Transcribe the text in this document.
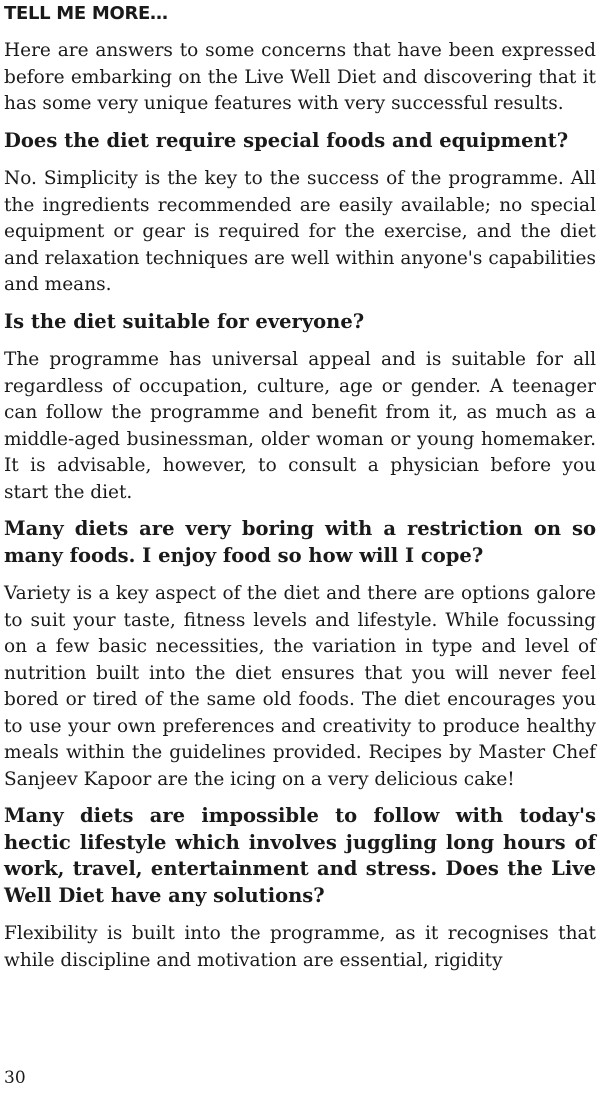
TELL ME MORE…

Here are answers to some concerns that have been expressed before embarking on the Live Well Diet and discovering that it has some very unique features with very successful results.

Does the diet require special foods and equipment?

No. Simplicity is the key to the success of the programme. All the ingredients recommended are easily available; no special equipment or gear is required for the exercise, and the diet and relaxation techniques are well within anyone's capabilities and means.

Is the diet suitable for everyone?

The programme has universal appeal and is suitable for all regardless of occupation, culture, age or gender. A teenager can follow the programme and benefit from it, as much as a middle-aged businessman, older woman or young homemaker. It is advisable, however, to consult a physician before you start the diet.

Many diets are very boring with a restriction on so many foods. I enjoy food so how will I cope?

Variety is a key aspect of the diet and there are options galore to suit your taste, fitness levels and lifestyle. While focussing on a few basic necessities, the variation in type and level of nutrition built into the diet ensures that you will never feel bored or tired of the same old foods. The diet encourages you to use your own preferences and creativity to produce healthy meals within the guidelines provided. Recipes by Master Chef Sanjeev Kapoor are the icing on a very delicious cake!

Many diets are impossible to follow with today's hectic lifestyle which involves juggling long hours of work, travel, entertainment and stress. Does the Live Well Diet have any solutions?

Flexibility is built into the programme, as it recognises that while discipline and motivation are essential, rigidity

30
